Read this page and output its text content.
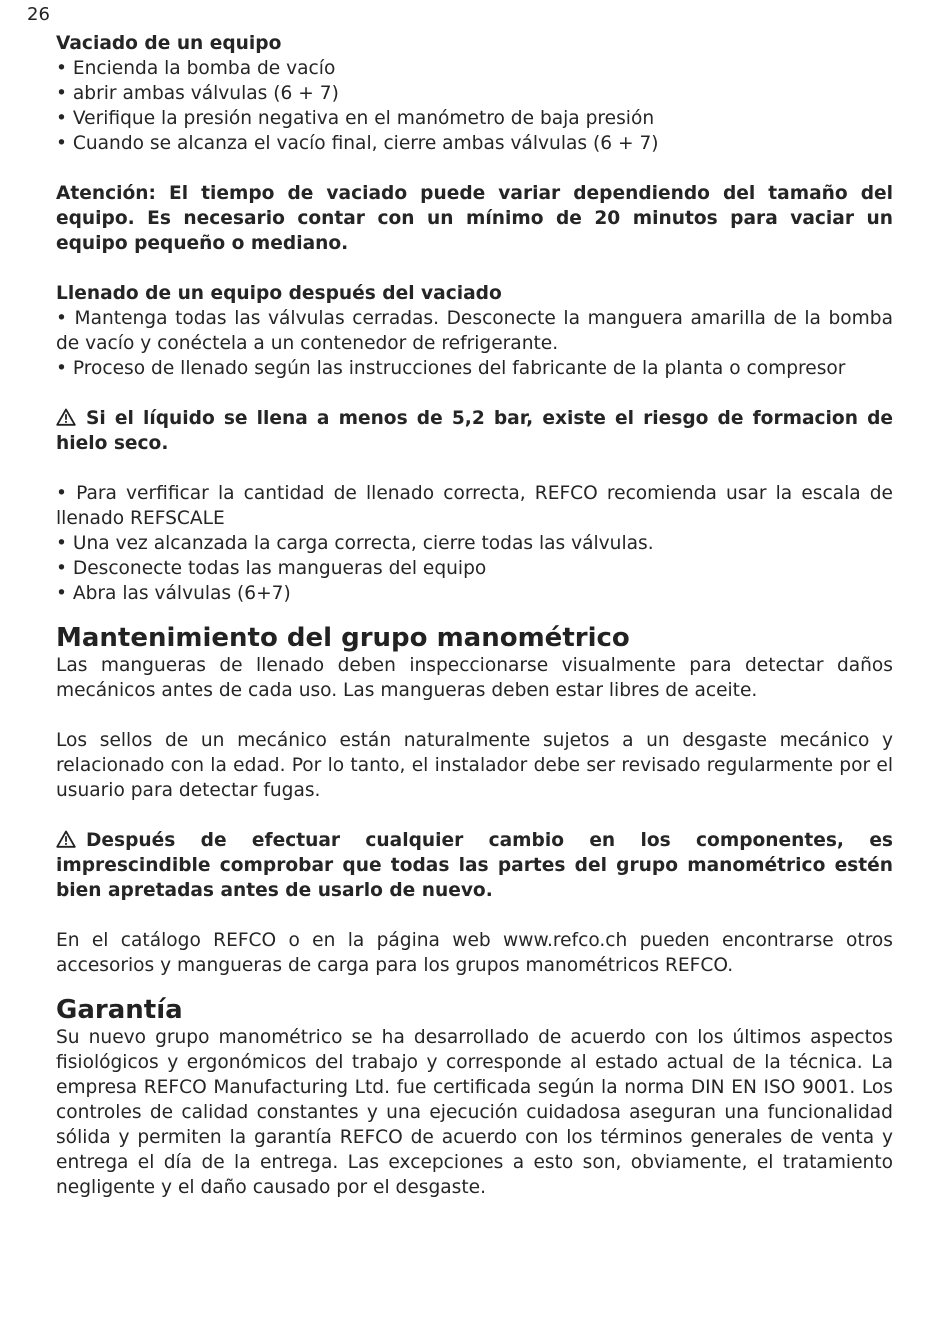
26

Vaciado de un equipo

• Encienda la bomba de vacío
• abrir ambas válvulas (6 + 7)
• Verifique la presión negativa en el manómetro de baja presión
• Cuando se alcanza el vacío final, cierre ambas válvulas (6 + 7)

Atención: El tiempo de vaciado puede variar dependiendo del tamaño del equipo. Es necesario contar con un mínimo de 20 minutos para vaciar un equipo pequeño o mediano.

Llenado de un equipo después del vaciado

• Mantenga todas las válvulas cerradas. Desconecte la manguera amarilla de la bomba de vacío y conéctela a un contenedor de refrigerante.

• Proceso de llenado según las instrucciones del fabricante de la planta o compresor

Si el líquido se llena a menos de 5,2 bar, existe el riesgo de formacion de hielo seco.

• Para verfificar la cantidad de llenado correcta, REFCO recomienda usar la escala de llenado REFSCALE

• Una vez alcanzada la carga correcta, cierre todas las válvulas.
• Desconecte todas las mangueras del equipo
• Abra las válvulas (6+7)

Mantenimiento del grupo manométrico

Las mangueras de llenado deben inspeccionarse visualmente para detectar daños mecánicos antes de cada uso. Las mangueras deben estar libres de aceite.

Los sellos de un mecánico están naturalmente sujetos a un desgaste mecánico y relacionado con la edad. Por lo tanto, el instalador debe ser revisado regularmente por el usuario para detectar fugas.

Después de efectuar cualquier cambio en los componentes, es imprescindible comprobar que todas las partes del grupo manométrico estén bien apretadas antes de usarlo de nuevo.

En el catálogo REFCO o en la página web www.refco.ch pueden encontrarse otros accesorios y mangueras de carga para los grupos manométricos REFCO.

Garantía

Su nuevo grupo manométrico se ha desarrollado de acuerdo con los últimos aspectos fisiológicos y ergonómicos del trabajo y corresponde al estado actual de la técnica. La empresa REFCO Manufacturing Ltd. fue certificada según la norma DIN EN ISO 9001. Los controles de calidad constantes y una ejecución cuidadosa aseguran una funcionalidad sólida y permiten la garantía REFCO de acuerdo con los términos generales de venta y entrega el día de la entrega. Las excepciones a esto son, obviamente, el tratamiento negligente y el daño causado por el desgaste.
